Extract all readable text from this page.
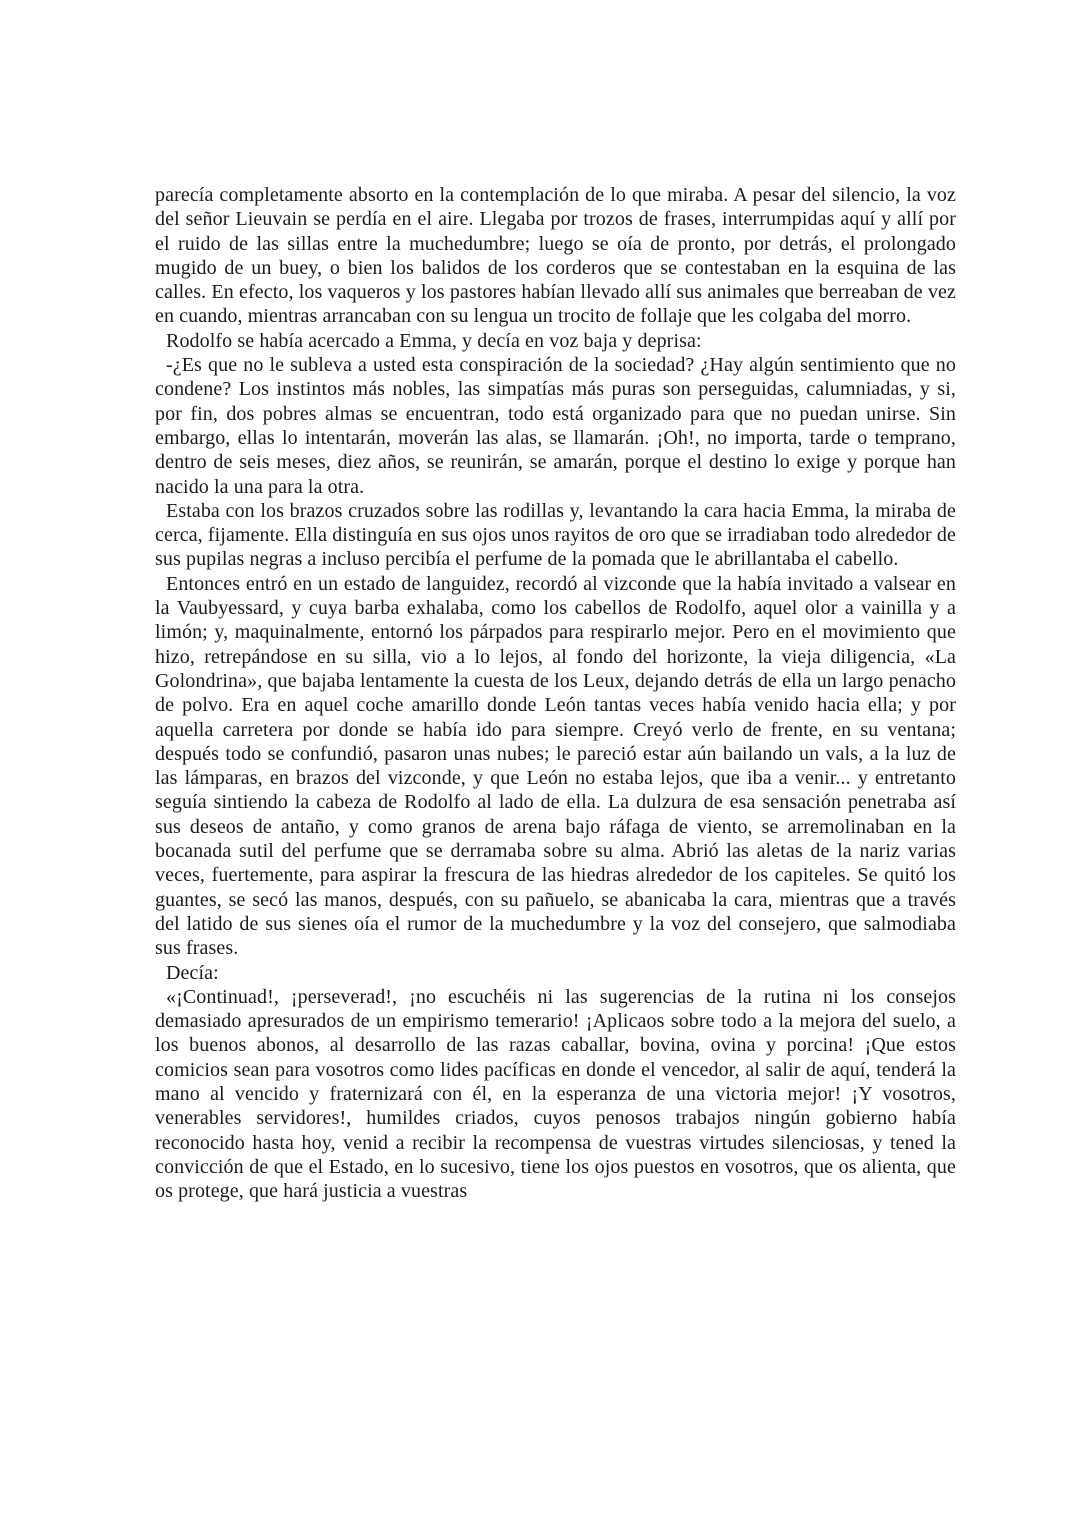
parecía completamente absorto en la contemplación de lo que miraba. A pesar del silencio, la voz del señor Lieuvain se perdía en el aire. Llegaba por trozos de frases, interrumpidas aquí y allí por el ruido de las sillas entre la muchedumbre; luego se oía de pronto, por detrás, el prolongado mugido de un buey, o bien los balidos de los corderos que se contestaban en la esquina de las calles. En efecto, los vaqueros y los pastores habían llevado allí sus animales que berreaban de vez en cuando, mientras arrancaban con su lengua un trocito de follaje que les colgaba del morro.

Rodolfo se había acercado a Emma, y decía en voz baja y deprisa:

-¿Es que no le subleva a usted esta conspiración de la sociedad? ¿Hay algún sentimiento que no condene? Los instintos más nobles, las simpatías más puras son perseguidas, calumniadas, y si, por fin, dos pobres almas se encuentran, todo está organizado para que no puedan unirse. Sin embargo, ellas lo intentarán, moverán las alas, se llamarán. ¡Oh!, no importa, tarde o temprano, dentro de seis meses, diez años, se reunirán, se amarán, porque el destino lo exige y porque han nacido la una para la otra.

Estaba con los brazos cruzados sobre las rodillas y, levantando la cara hacia Emma, la miraba de cerca, fijamente. Ella distinguía en sus ojos unos rayitos de oro que se irradiaban todo alrededor de sus pupilas negras a incluso percibía el perfume de la pomada que le abrillantaba el cabello.

Entonces entró en un estado de languidez, recordó al vizconde que la había invitado a valsear en la Vaubyessard, y cuya barba exhalaba, como los cabellos de Rodolfo, aquel olor a vainilla y a limón; y, maquinalmente, entornó los párpados para respirarlo mejor. Pero en el movimiento que hizo, retrepándose en su silla, vio a lo lejos, al fondo del horizonte, la vieja diligencia, «La Golondrina», que bajaba lentamente la cuesta de los Leux, dejando detrás de ella un largo penacho de polvo. Era en aquel coche amarillo donde León tantas veces había venido hacia ella; y por aquella carretera por donde se había ido para siempre. Creyó verlo de frente, en su ventana; después todo se confundió, pasaron unas nubes; le pareció estar aún bailando un vals, a la luz de las lámparas, en brazos del vizconde, y que León no estaba lejos, que iba a venir... y entretanto seguía sintiendo la cabeza de Rodolfo al lado de ella. La dulzura de esa sensación penetraba así sus deseos de antaño, y como granos de arena bajo ráfaga de viento, se arremolinaban en la bocanada sutil del perfume que se derramaba sobre su alma. Abrió las aletas de la nariz varias veces, fuertemente, para aspirar la frescura de las hiedras alrededor de los capiteles. Se quitó los guantes, se secó las manos, después, con su pañuelo, se abanicaba la cara, mientras que a través del latido de sus sienes oía el rumor de la muchedumbre y la voz del consejero, que salmodiaba sus frases.

Decía:

«¡Continuad!, ¡perseverad!, ¡no escuchéis ni las sugerencias de la rutina ni los consejos demasiado apresurados de un empirismo temerario! ¡Aplicaos sobre todo a la mejora del suelo, a los buenos abonos, al desarrollo de las razas caballar, bovina, ovina y porcina! ¡Que estos comicios sean para vosotros como lides pacíficas en donde el vencedor, al salir de aquí, tenderá la mano al vencido y fraternizará con él, en la esperanza de una victoria mejor! ¡Y vosotros, venerables servidores!, humildes criados, cuyos penosos trabajos ningún gobierno había reconocido hasta hoy, venid a recibir la recompensa de vuestras virtudes silenciosas, y tened la convicción de que el Estado, en lo sucesivo, tiene los ojos puestos en vosotros, que os alienta, que os protege, que hará justicia a vuestras
